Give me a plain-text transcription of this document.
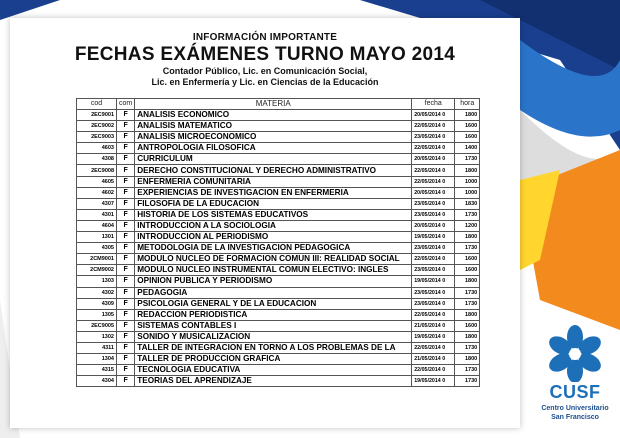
INFORMACIÓN IMPORTANTE
FECHAS EXÁMENES TURNO MAYO 2014
Contador Público, Lic. en Comunicación Social,
Lic. en Enfermería y Lic. en Ciencias de la Educación
cod	com	MATERIA	fecha	hora
2EC9001	F	ANALISIS ECONOMICO	20/05/2014 0	1800
2EC9002	F	ANALISIS MATEMATICO	22/05/2014 0	1600
2EC9003	F	ANALISIS MICROECONOMICO	23/05/2014 0	1600
4603	F	ANTROPOLOGIA FILOSOFICA	22/05/2014 0	1400
4308	F	CURRICULUM	20/05/2014 0	1730
2EC9008	F	DERECHO CONSTITUCIONAL Y DERECHO ADMINISTRATIVO	22/05/2014 0	1800
4605	F	ENFERMERIA COMUNITARIA	22/05/2014 0	1000
4602	F	EXPERIENCIAS DE INVESTIGACION EN ENFERMERIA	20/05/2014 0	1000
4307	F	FILOSOFIA DE LA EDUCACION	23/05/2014 0	1830
4301	F	HISTORIA DE LOS SISTEMAS EDUCATIVOS	23/05/2014 0	1730
4604	F	INTRODUCCION A LA SOCIOLOGIA	20/05/2014 0	1200
1301	F	INTRODUCCION AL PERIODISMO	19/05/2014 0	1800
4305	F	METODOLOGIA DE LA INVESTIGACION PEDAGOGICA	23/05/2014 0	1730
2CM9001	F	MODULO NUCLEO DE FORMACION COMUN III: REALIDAD SOCIAL	22/05/2014 0	1600
2CM9002	F	MODULO NUCLEO INSTRUMENTAL COMUN ELECTIVO: INGLES	23/05/2014 0	1600
1303	F	OPINION PUBLICA Y PERIODISMO	19/05/2014 0	1800
4302	F	PEDAGOGIA	23/05/2014 0	1730
4309	F	PSICOLOGIA GENERAL Y DE LA EDUCACION	23/05/2014 0	1730
1305	F	REDACCION PERIODISTICA	22/05/2014 0	1800
2EC9005	F	SISTEMAS CONTABLES I	21/05/2014 0	1600
1302	F	SONIDO Y MUSICALIZACION	19/05/2014 0	1800
4311	F	TALLER DE INTEGRACION EN TORNO A LOS PROBLEMAS DE LA	22/05/2014 0	1730
1304	F	TALLER DE PRODUCCION GRAFICA	21/05/2014 0	1800
4315	F	TECNOLOGIA EDUCATIVA	22/05/2014 0	1730
4304	F	TEORIAS DEL APRENDIZAJE	19/05/2014 0	1730
CUSF
Centro Universitario
San Francisco
